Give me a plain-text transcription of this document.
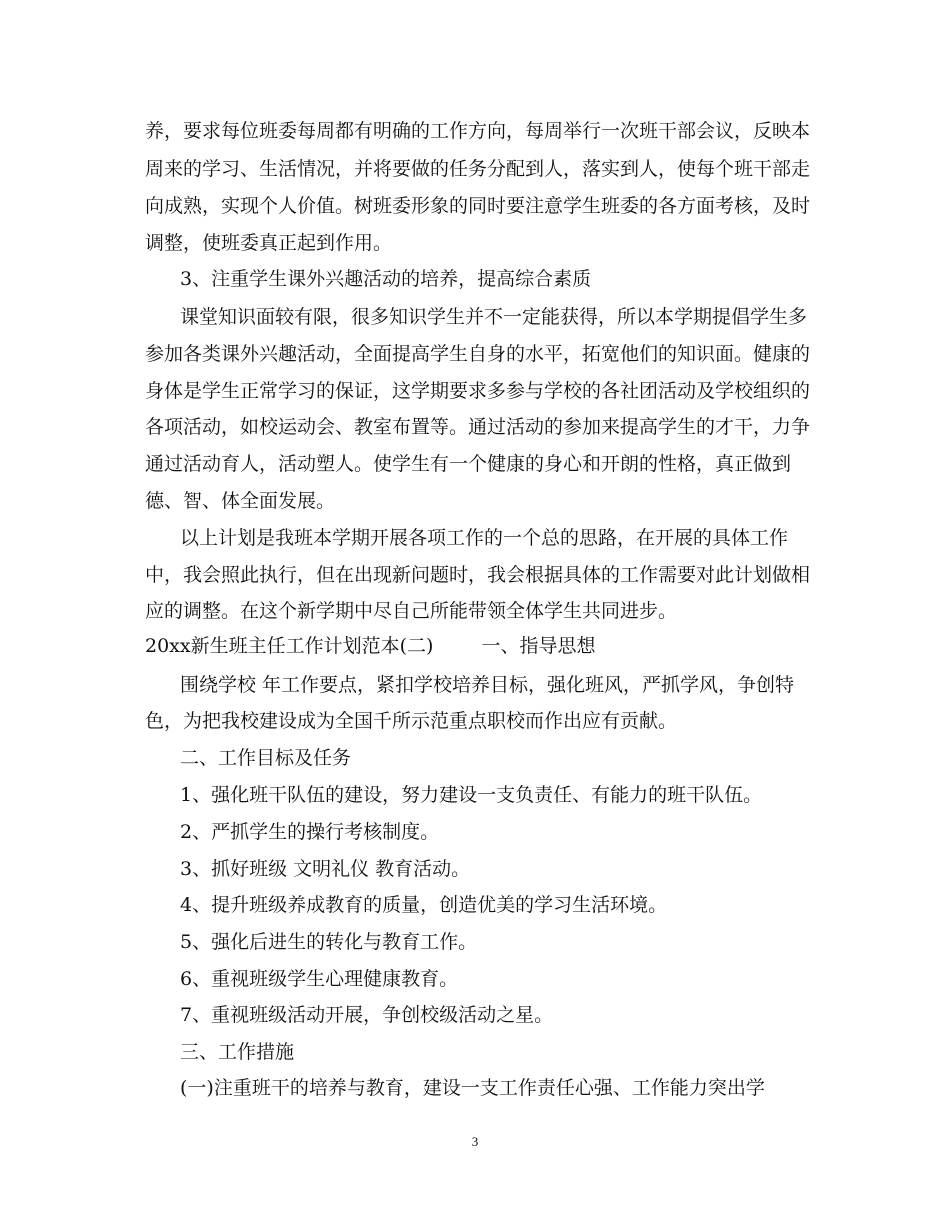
养，要求每位班委每周都有明确的工作方向，每周举行一次班干部会议，反映本
周来的学习、生活情况，并将要做的任务分配到人，落实到人，使每个班干部走
向成熟，实现个人价值。树班委形象的同时要注意学生班委的各方面考核，及时
调整，使班委真正起到作用。
3、注重学生课外兴趣活动的培养，提高综合素质
课堂知识面较有限，很多知识学生并不一定能获得，所以本学期提倡学生多
参加各类课外兴趣活动，全面提高学生自身的水平，拓宽他们的知识面。健康的
身体是学生正常学习的保证，这学期要求多参与学校的各社团活动及学校组织的
各项活动，如校运动会、教室布置等。通过活动的参加来提高学生的才干，力争
通过活动育人，活动塑人。使学生有一个健康的身心和开朗的性格，真正做到
德、智、体全面发展。
以上计划是我班本学期开展各项工作的一个总的思路，在开展的具体工作
中，我会照此执行，但在出现新问题时，我会根据具体的工作需要对此计划做相
应的调整。在这个新学期中尽自己所能带领全体学生共同进步。
20xx新生班主任工作计划范本(二)	一、指导思想
围绕学校 年工作要点，紧扣学校培养目标，强化班风，严抓学风，争创特
色，为把我校建设成为全国千所示范重点职校而作出应有贡献。
二、工作目标及任务
1、强化班干队伍的建设，努力建设一支负责任、有能力的班干队伍。
2、严抓学生的操行考核制度。
3、抓好班级 文明礼仪 教育活动。
4、提升班级养成教育的质量，创造优美的学习生活环境。
5、强化后进生的转化与教育工作。
6、重视班级学生心理健康教育。
7、重视班级活动开展，争创校级活动之星。
三、工作措施
(一)注重班干的培养与教育，建设一支工作责任心强、工作能力突出学
3
